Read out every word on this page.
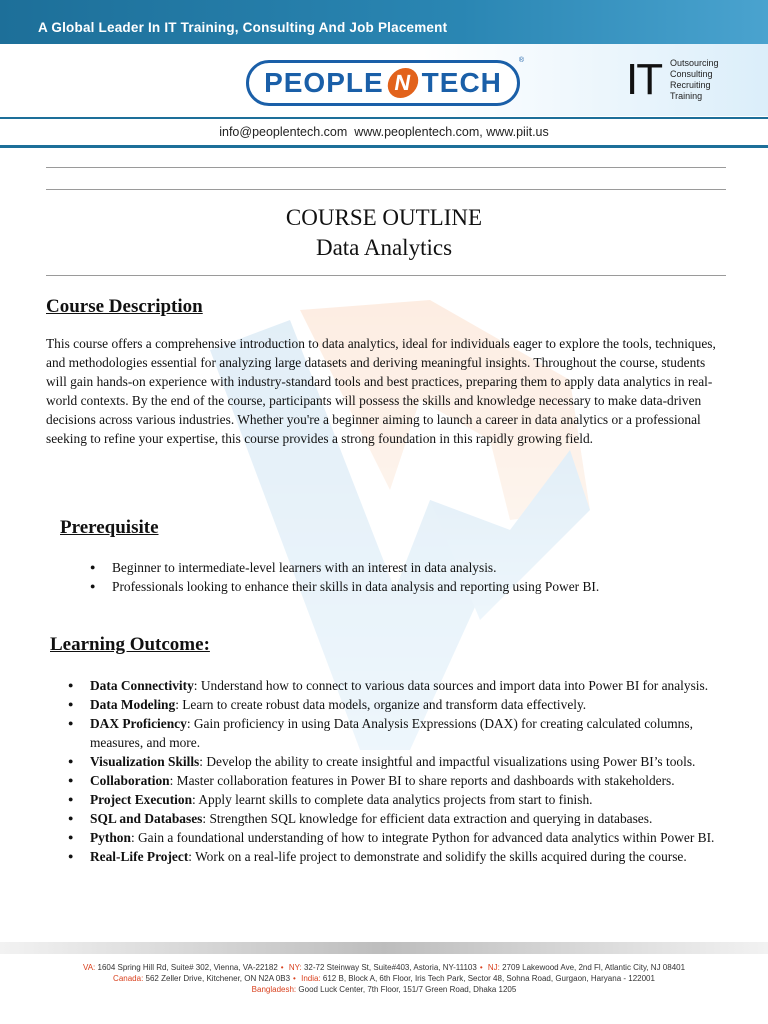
A Global Leader In IT Training, Consulting And Job Placement
PEOPLE N TECH
® IT Outsourcing
Consulting
Recruiting
Training
info@peoplentech.com  www.peoplentech.com, www.piit.us
COURSE OUTLINE
Data Analytics
Course Description
This course offers a comprehensive introduction to data analytics, ideal for individuals eager to explore the tools, techniques, and methodologies essential for analyzing large datasets and deriving meaningful insights. Throughout the course, students will gain hands-on experience with industry-standard tools and best practices, preparing them to apply data analytics in real-world contexts. By the end of the course, participants will possess the skills and knowledge necessary to make data-driven decisions across various industries. Whether you're a beginner aiming to launch a career in data analytics or a professional seeking to refine your expertise, this course provides a strong foundation in this rapidly growing field.
Prerequisite
● Beginner to intermediate-level learners with an interest in data analysis.
● Professionals looking to enhance their skills in data analysis and reporting using Power BI.
Learning Outcome:
● Data Connectivity: Understand how to connect to various data sources and import data into Power BI for analysis.
● Data Modeling: Learn to create robust data models, organize and transform data effectively.
● DAX Proficiency: Gain proficiency in using Data Analysis Expressions (DAX) for creating calculated columns, measures, and more.
● Visualization Skills: Develop the ability to create insightful and impactful visualizations using Power BI’s tools.
● Collaboration: Master collaboration features in Power BI to share reports and dashboards with stakeholders.
● Project Execution: Apply learnt skills to complete data analytics projects from start to finish.
● SQL and Databases: Strengthen SQL knowledge for efficient data extraction and querying in databases.
● Python: Gain a foundational understanding of how to integrate Python for advanced data analytics within Power BI.
● Real-Life Project: Work on a real-life project to demonstrate and solidify the skills acquired during the course.
VA: 1604 Spring Hill Rd, Suite# 302, Vienna, VA-22182 • NY: 32-72 Steinway St, Suite#403, Astoria, NY-11103 • NJ: 2709 Lakewood Ave, 2nd Fl, Atlantic City, NJ 08401
Canada: 562 Zeller Drive, Kitchener, ON N2A 0B3 • India: 612 B, Block A, 6th Floor, Iris Tech Park, Sector 48, Sohna Road, Gurgaon, Haryana - 122001
Bangladesh: Good Luck Center, 7th Floor, 151/7 Green Road, Dhaka 1205
